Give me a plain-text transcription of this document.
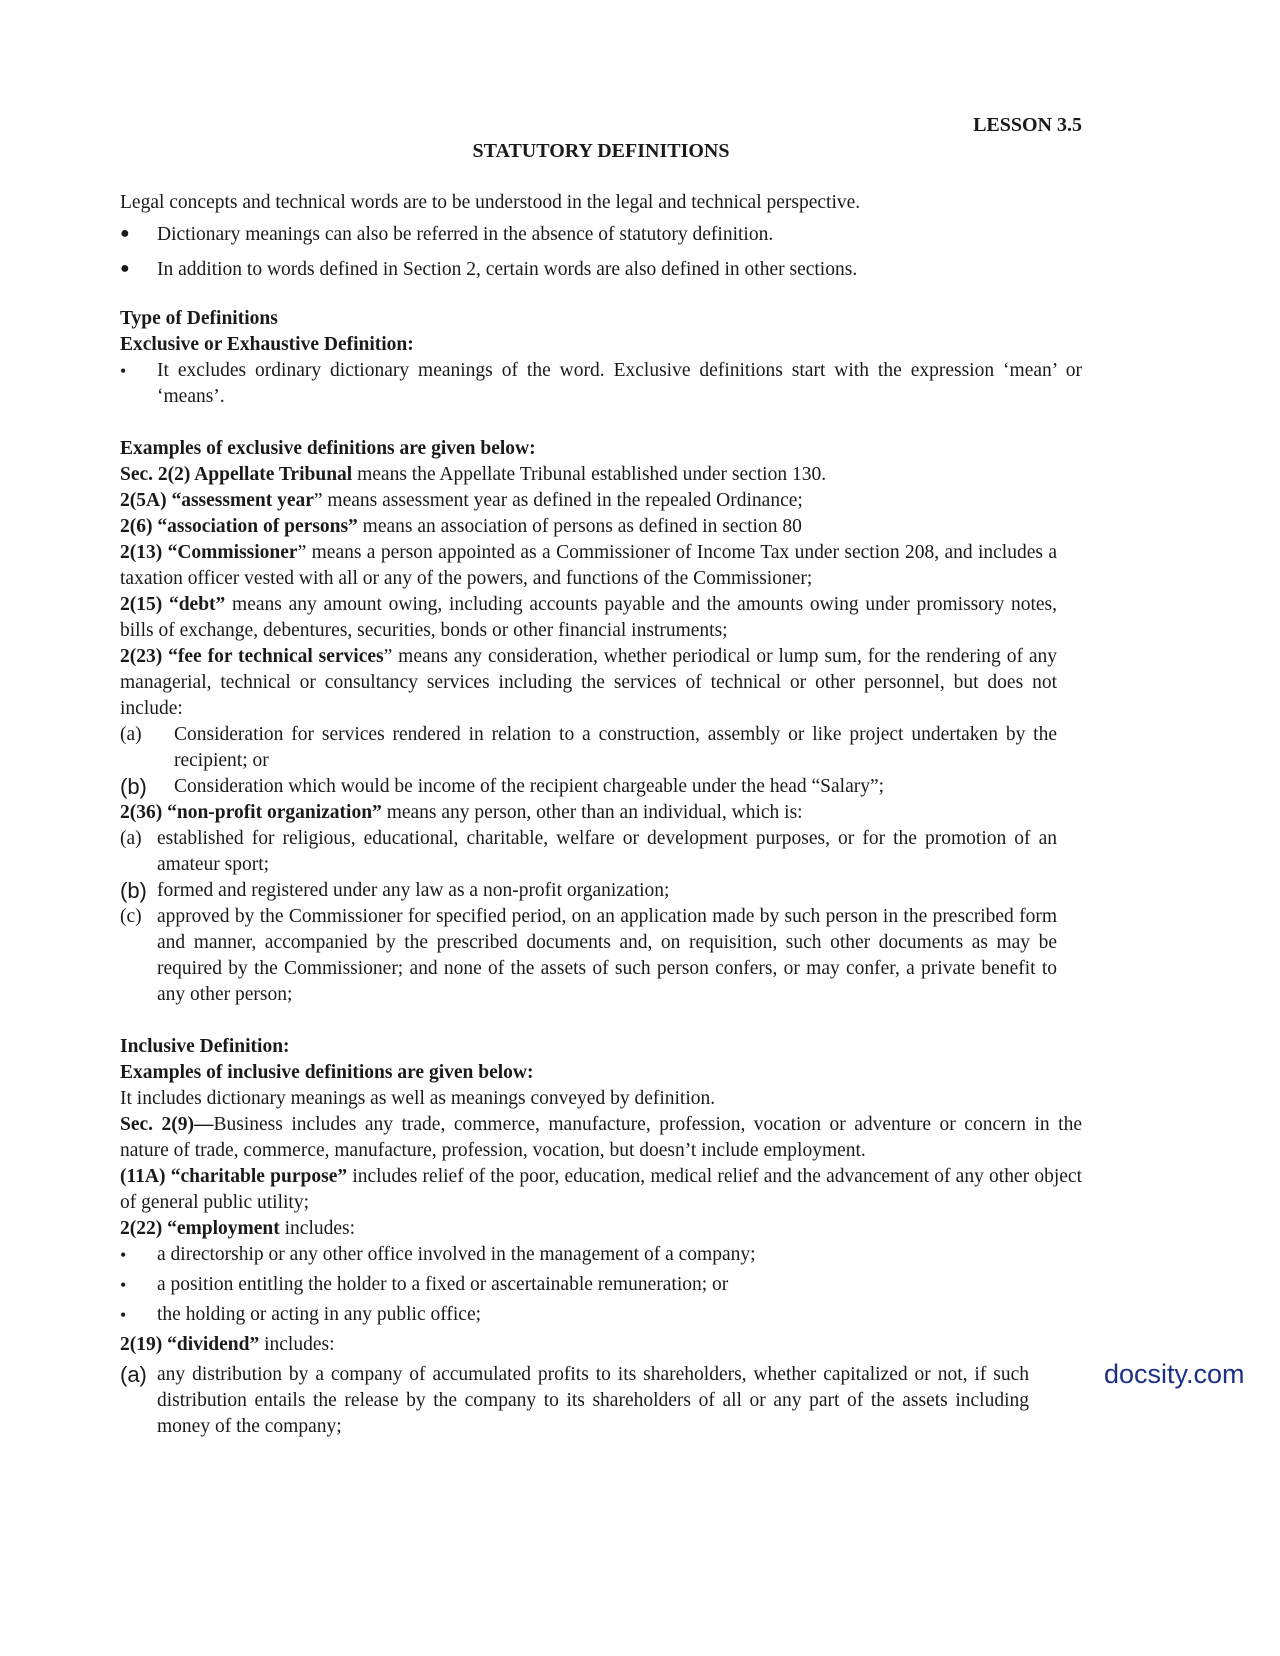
LESSON 3.5

STATUTORY DEFINITIONS

Legal concepts and technical words are to be understood in the legal and technical perspective.

● Dictionary meanings can also be referred in the absence of statutory definition.
● In addition to words defined in Section 2, certain words are also defined in other sections.

Type of Definitions

Exclusive or Exhaustive Definition:

• It excludes ordinary dictionary meanings of the word. Exclusive definitions start with the expression ‘mean’ or ‘means’.

Examples of exclusive definitions are given below:

Sec. 2(2) Appellate Tribunal means the Appellate Tribunal established under section 130.

2(5A) “assessment year” means assessment year as defined in the repealed Ordinance;

2(6) “association of persons” means an association of persons as defined in section 80

2(13) “Commissioner” means a person appointed as a Commissioner of Income Tax under section 208, and includes a taxation officer vested with all or any of the powers, and functions of the Commissioner;

2(15) “debt” means any amount owing, including accounts payable and the amounts owing under promissory notes, bills of exchange, debentures, securities, bonds or other financial instruments;

2(23) “fee for technical services” means any consideration, whether periodical or lump sum, for the rendering of any managerial, technical or consultancy services including the services of technical or other personnel, but does not include:

(a) Consideration for services rendered in relation to a construction, assembly or like project undertaken by the recipient; or
(b) Consideration which would be income of the recipient chargeable under the head “Salary”;

2(36) “non-profit organization” means any person, other than an individual, which is:

(a) established for religious, educational, charitable, welfare or development purposes, or for the promotion of an amateur sport;
(b) formed and registered under any law as a non-profit organization;
(c) approved by the Commissioner for specified period, on an application made by such person in the prescribed form and manner, accompanied by the prescribed documents and, on requisition, such other documents as may be required by the Commissioner; and none of the assets of such person confers, or may confer, a private benefit to any other person;

Inclusive Definition:

Examples of inclusive definitions are given below:

It includes dictionary meanings as well as meanings conveyed by definition.

Sec. 2(9)—Business includes any trade, commerce, manufacture, profession, vocation or adventure or concern in the nature of trade, commerce, manufacture, profession, vocation, but doesn’t include employment.

(11A) “charitable purpose” includes relief of the poor, education, medical relief and the advancement of any other object of general public utility;

2(22) “employment includes:

• a directorship or any other office involved in the management of a company;
• a position entitling the holder to a fixed or ascertainable remuneration; or
• the holding or acting in any public office;

2(19) “dividend” includes:

(a) any distribution by a company of accumulated profits to its shareholders, whether capitalized or not, if such distribution entails the release by the company to its shareholders of all or any part of the assets including money of the company;
docsity.com
